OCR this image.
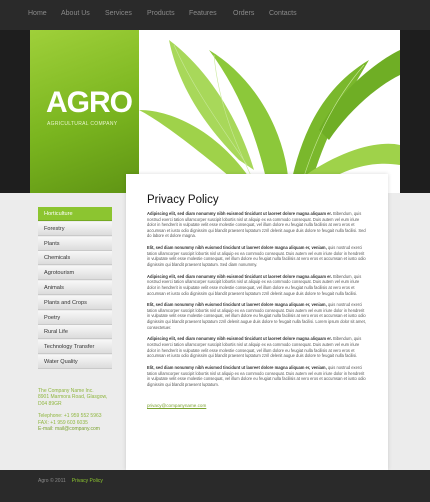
Home About Us Services Products Features Orders Contacts
AGRO
AGRICULTURAL COMPANY
Horticulture
Forestry
Plants
Chemicals
Agrotourism
Animals
Plants and Crops
Poetry
Rural Life
Technology Transfer
Water Quality
The Company Name Inc.
8901 Marmora Road, Glasgow,
D04 89GR
Telephone: +1 959 552 5963
FAX: +1 959 603 6035
E-mail: mail@company.com
Privacy Policy

Adipiscing elit, sed diam nonummy nibh euismod tincidunt ut laoreet dolore magna aliquam er. Bibendum, quis nostrud exerci tation ullamcorper suscipit lobortis nisl ut aliquip ex ea commodo consequat. Duis autem vel eum iriure dolor in hendrerit in vulputate velit esse molestie consequat, vel illum dolore eu feugiat nulla facilisis at vero eros et accumsan et iusto odio dignissim qui blandit praesent luptatum zzril delenit augue duis dolore te feugait nulla facilisi. Sed do labore et dolore magna.

Elit, sed diam nonummy nibh euismod tincidunt ut laoreet dolore magna aliquam er, veniam, quis nostrud exerci tation ullamcorper suscipit lobortis nisl ut aliquip ex ea commodo consequat. Duis autem vel eum iriure dolor in hendrerit in vulputate velit esse molestie consequat, vel illum dolore eu feugiat nulla facilisis at vero eros et accumsan et iusto odio dignissim qui blandit praesent luptatum. Sed diam nonummy.

Adipiscing elit, sed diam nonummy nibh euismod tincidunt ut laoreet dolore magna aliquam er. Bibendum, quis nostrud exerci tation ullamcorper suscipit lobortis nisl ut aliquip ex ea commodo consequat. Duis autem vel eum iriure dolor in hendrerit in vulputate velit esse molestie consequat, vel illum dolore eu feugiat nulla facilisis at vero eros et accumsan et iusto odio dignissim qui blandit praesent luptatum zzril delenit augue duis dolore te feugait nulla facilisi.

Elit, sed diam nonummy nibh euismod tincidunt ut laoreet dolore magna aliquam er, veniam, quis nostrud exerci tation ullamcorper suscipit lobortis nisl ut aliquip ex ea commodo consequat. Duis autem vel eum iriure dolor in hendrerit in vulputate velit esse molestie consequat, vel illum dolore eu feugiat nulla facilisis at vero eros et accumsan et iusto odio dignissim qui blandit praesent luptatum zzril delenit augue duis dolore te feugait nulla facilisi. Lorem ipsum dolor sit amet, consectetuer.

Adipiscing elit, sed diam nonummy nibh euismod tincidunt ut laoreet dolore magna aliquam er. Bibendum, quis nostrud exerci tation ullamcorper suscipit lobortis nisl ut aliquip ex ea commodo consequat. Duis autem vel eum iriure dolor in hendrerit in vulputate velit esse molestie consequat, vel illum dolore eu feugiat nulla facilisis at vero eros et accumsan et iusto odio dignissim qui blandit praesent luptatum zzril delenit augue duis dolore te feugait nulla facilisi.

Elit, sed diam nonummy nibh euismod tincidunt ut laoreet dolore magna aliquam er, veniam, quis nostrud exerci tation ullamcorper suscipit lobortis nisl ut aliquip ex ea commodo consequat. Duis autem vel eum iriure dolor in hendrerit in vulputate velit esse molestie consequat, vel illum dolore eu feugiat nulla facilisis at vero eros et accumsan et iusto odio dignissim qui blandit praesent luptatum.

privacy@companyname.com
Agro © 2011 Privacy Policy
